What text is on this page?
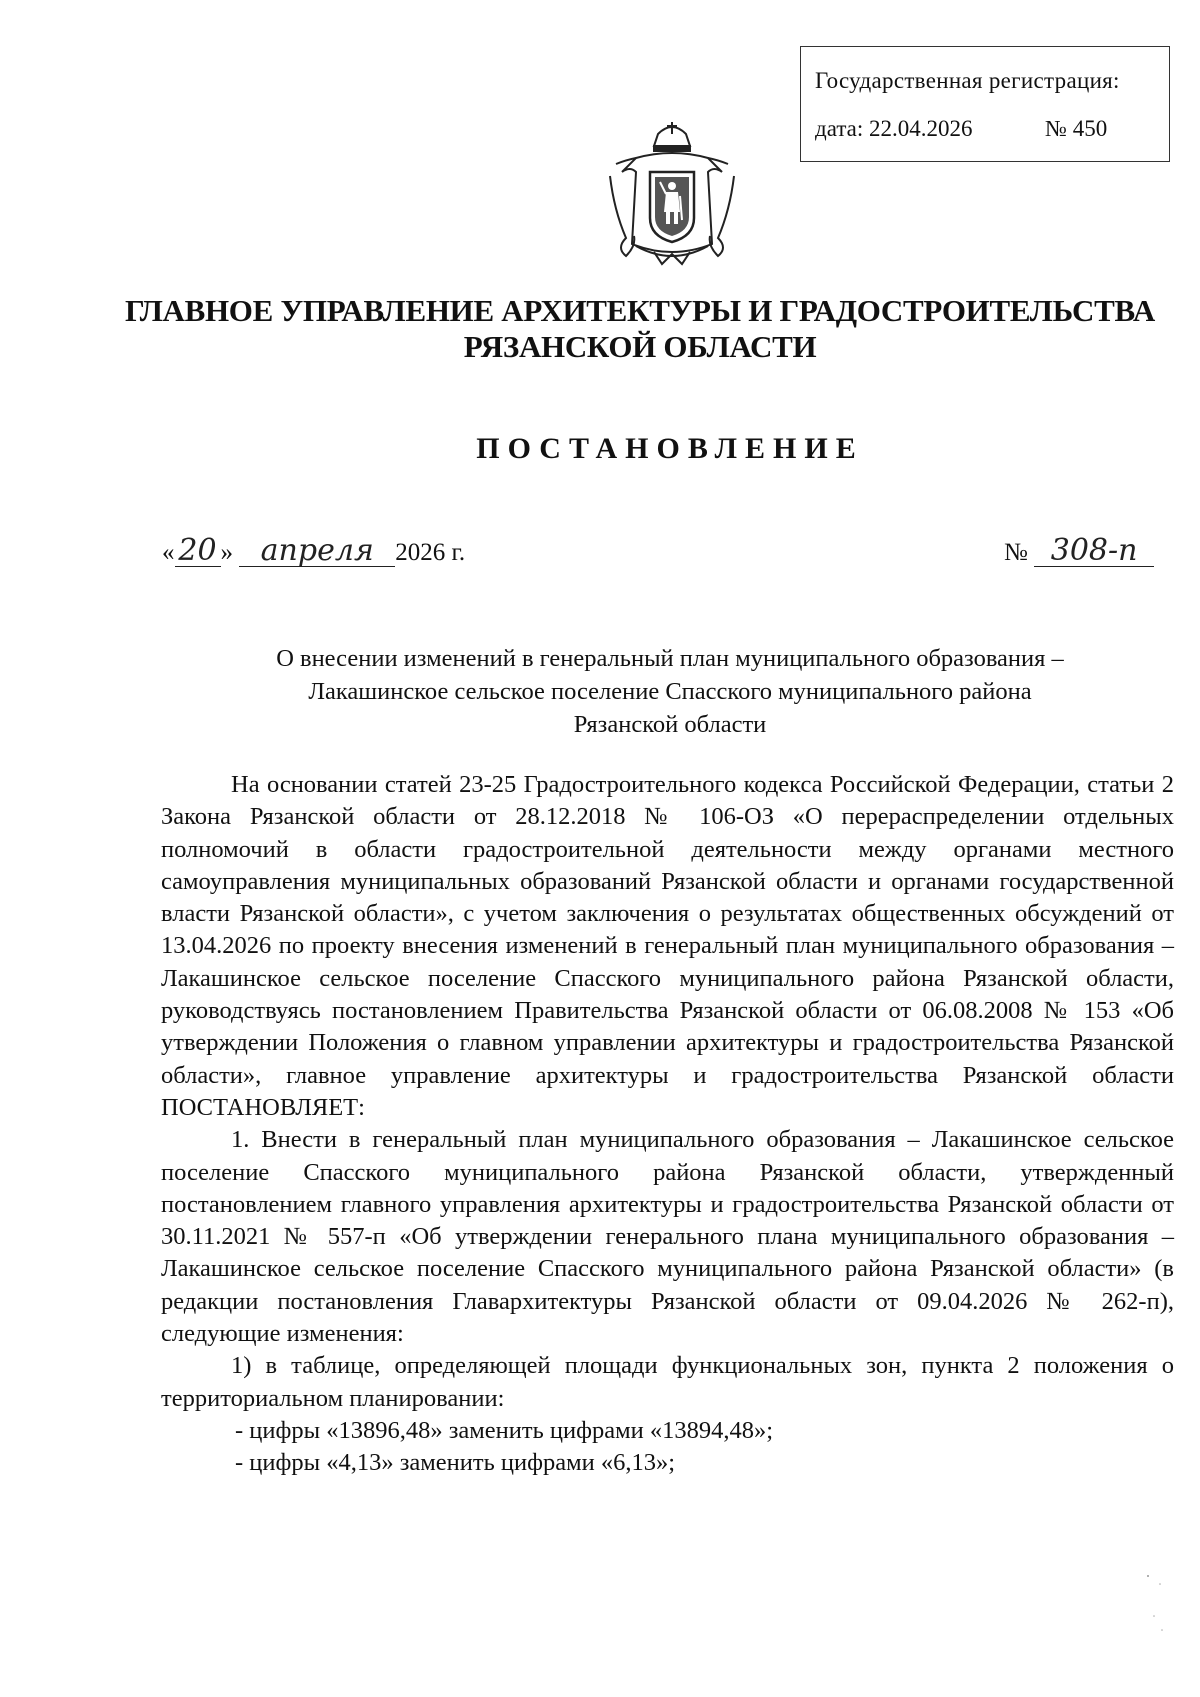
Государственная регистрация:
дата: 22.04.2026	№ 450
ГЛАВНОЕ УПРАВЛЕНИЕ АРХИТЕКТУРЫ И ГРАДОСТРОИТЕЛЬСТВА
РЯЗАНСКОЙ ОБЛАСТИ
ПОСТАНОВЛЕНИЕ
« 20 » апреля 2026 г.	№ 308-п
О внесении изменений в генеральный план муниципального образования –
Лакашинское сельское поселение Спасского муниципального района
Рязанской области

На основании статей 23-25 Градостроительного кодекса Российской Федерации, статьи 2 Закона Рязанской области от 28.12.2018 № 106-ОЗ «О перераспределении отдельных полномочий в области градостроительной деятельности между органами местного самоуправления муниципальных образований Рязанской области и органами государственной власти Рязанской области», с учетом заключения о результатах общественных обсуждений от 13.04.2026 по проекту внесения изменений в генеральный план муниципального образования – Лакашинское сельское поселение Спасского муниципального района Рязанской области, руководствуясь постановлением Правительства Рязанской области от 06.08.2008 № 153 «Об утверждении Положения о главном управлении архитектуры и градостроительства Рязанской области», главное управление архитектуры и градостроительства Рязанской области ПОСТАНОВЛЯЕТ:

1. Внести в генеральный план муниципального образования – Лакашинское сельское поселение Спасского муниципального района Рязанской области, утвержденный постановлением главного управления архитектуры и градостроительства Рязанской области от 30.11.2021 № 557-п «Об утверждении генерального плана муниципального образования – Лакашинское сельское поселение Спасского муниципального района Рязанской области» (в редакции постановления Главархитектуры Рязанской области от 09.04.2026 № 262-п), следующие изменения:

1) в таблице, определяющей площади функциональных зон, пункта 2 положения о территориальном планировании:

- цифры «13896,48» заменить цифрами «13894,48»;

- цифры «4,13» заменить цифрами «6,13»;
